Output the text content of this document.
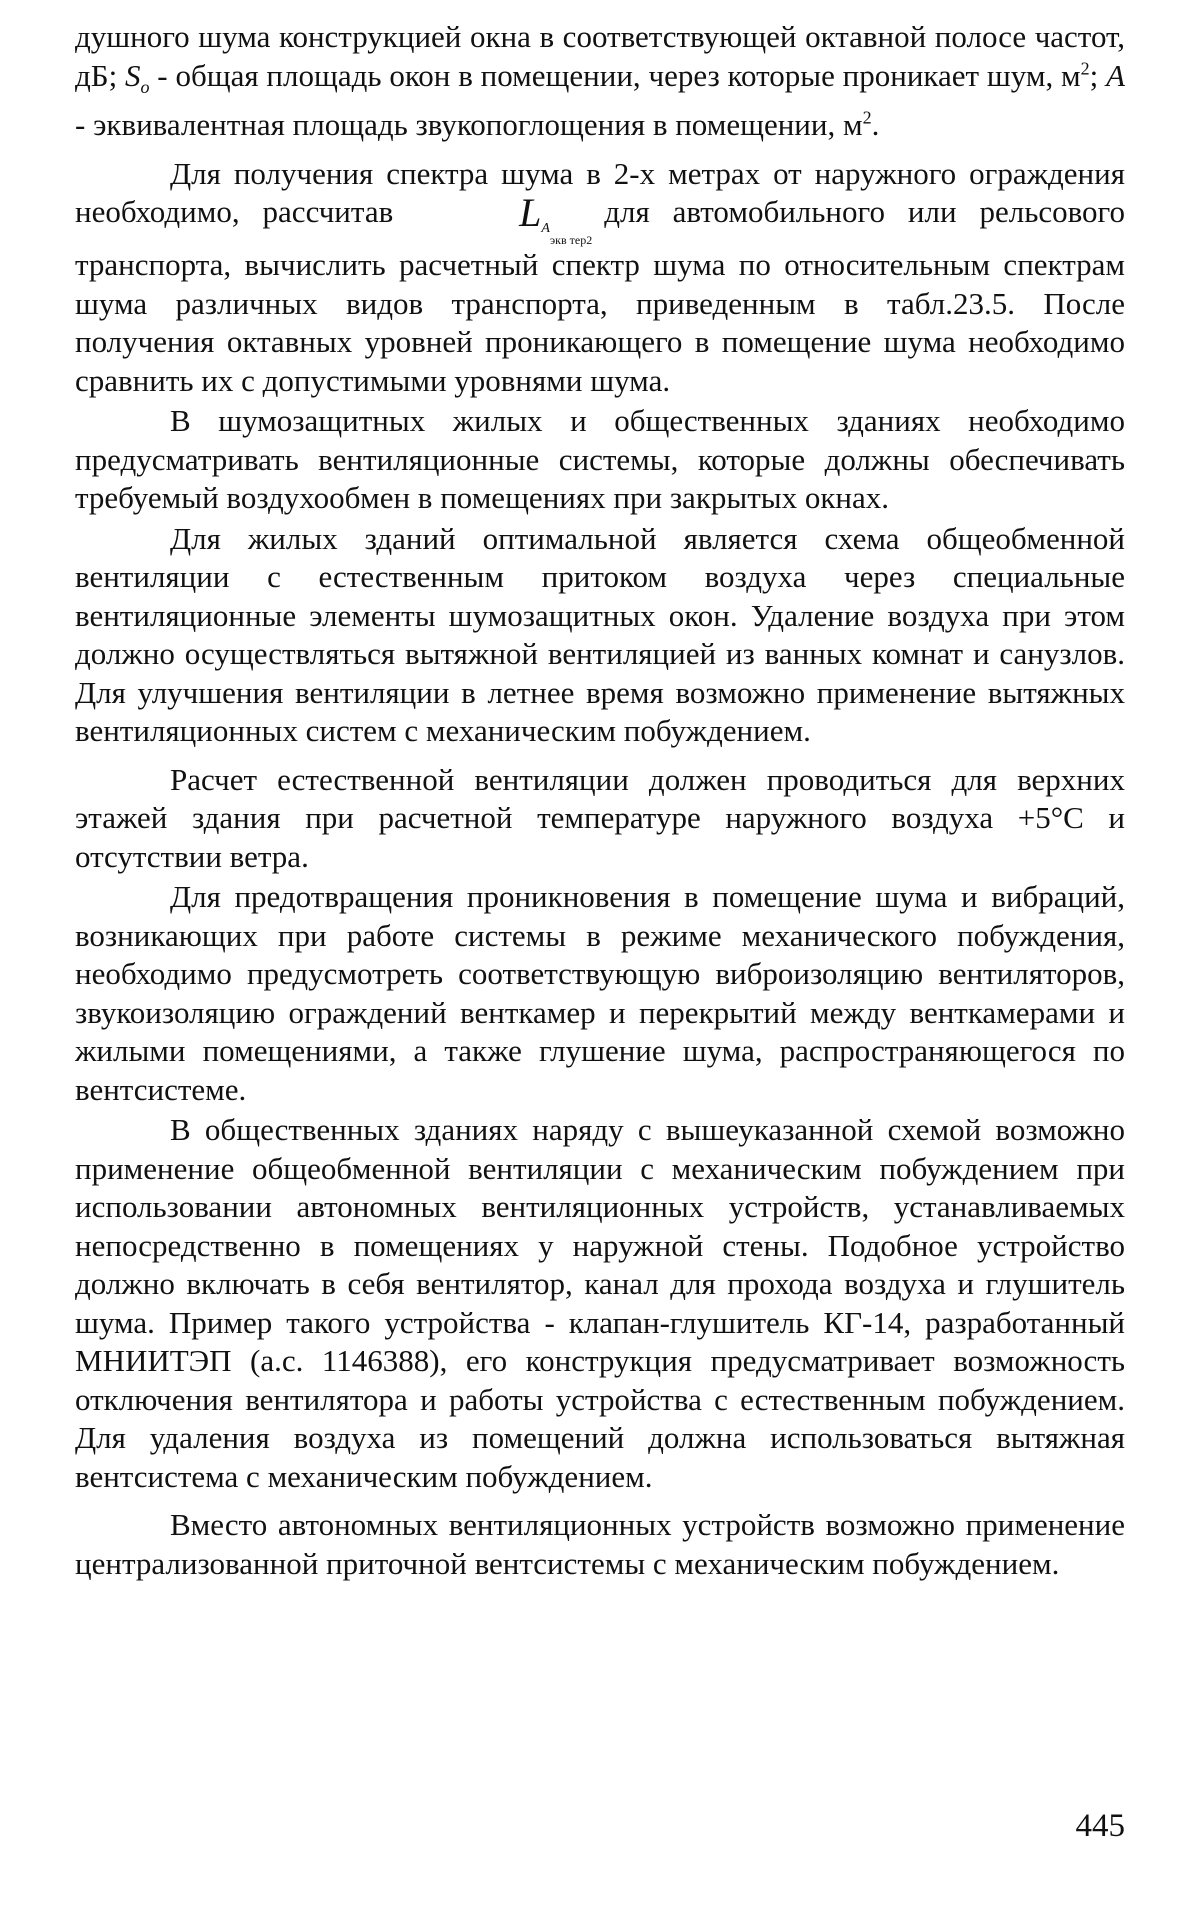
душного шума конструкцией окна в соответствующей октавной полосе частот, дБ; $S_o$ - общая площадь окон в помещении, через которые проникает шум, $м^2$; A - эквивалентная площадь звукопоглощения в помещении, $м^2$.

Для получения спектра шума в 2-х метрах от наружного ограждения необходимо, рассчитав	$L_{Aэкв тер2}для$ автомобильного или рельсового транспорта, вычислить расчетный спектр шума по относительным спектрам шума различных видов транспорта, приведенным в табл.23.5. После получения октавных уровней проникающего в помещение шума необходимо сравнить их с допустимыми уровнями шума.

В шумозащитных жилых и общественных зданиях необходимо предусматривать вентиляционные системы, которые должны обеспечивать требуемый воздухообмен в помещениях при закрытых окнах.

Для жилых зданий оптимальной является схема общеобменной вентиляции с естественным притоком воздуха через специальные вентиляционные элементы шумозащитных окон. Удаление воздуха при этом должно осуществляться вытяжной вентиляцией из ванных комнат и санузлов. Для улучшения вентиляции в летнее время возможно применение вытяжных вентиляционных систем с механическим побуждением.

Расчет естественной вентиляции должен проводиться для верхних этажей здания при расчетной температуре наружного воздуха +5°С и отсутствии ветра.

Для предотвращения проникновения в помещение шума и вибраций, возникающих при работе системы в режиме механического побуждения, необходимо предусмотреть соответствующую виброизоляцию вентиляторов, звукоизоляцию ограждений венткамер и перекрытий между венткамерами и жилыми помещениями, а также глушение шума, распространяющегося по вентсистеме.

В общественных зданиях наряду с вышеуказанной схемой возможно применение общеобменной вентиляции с механическим побуждением при использовании автономных вентиляционных устройств, устанавливаемых непосредственно в помещениях у наружной стены. Подобное устройство должно включать в себя вентилятор, канал для прохода воздуха и глушитель шума. Пример такого устройства - клапан-глушитель КГ-14, разработанный МНИИТЭП (а.с. 1146388), его конструкция предусматривает возможность отключения вентилятора и работы устройства с естественным побуждением. Для удаления воздуха из помещений должна использоваться вытяжная вентсистема с механическим побуждением.

Вместо автономных вентиляционных устройств возможно применение централизованной приточной вентсистемы с механическим побуждением.

445
